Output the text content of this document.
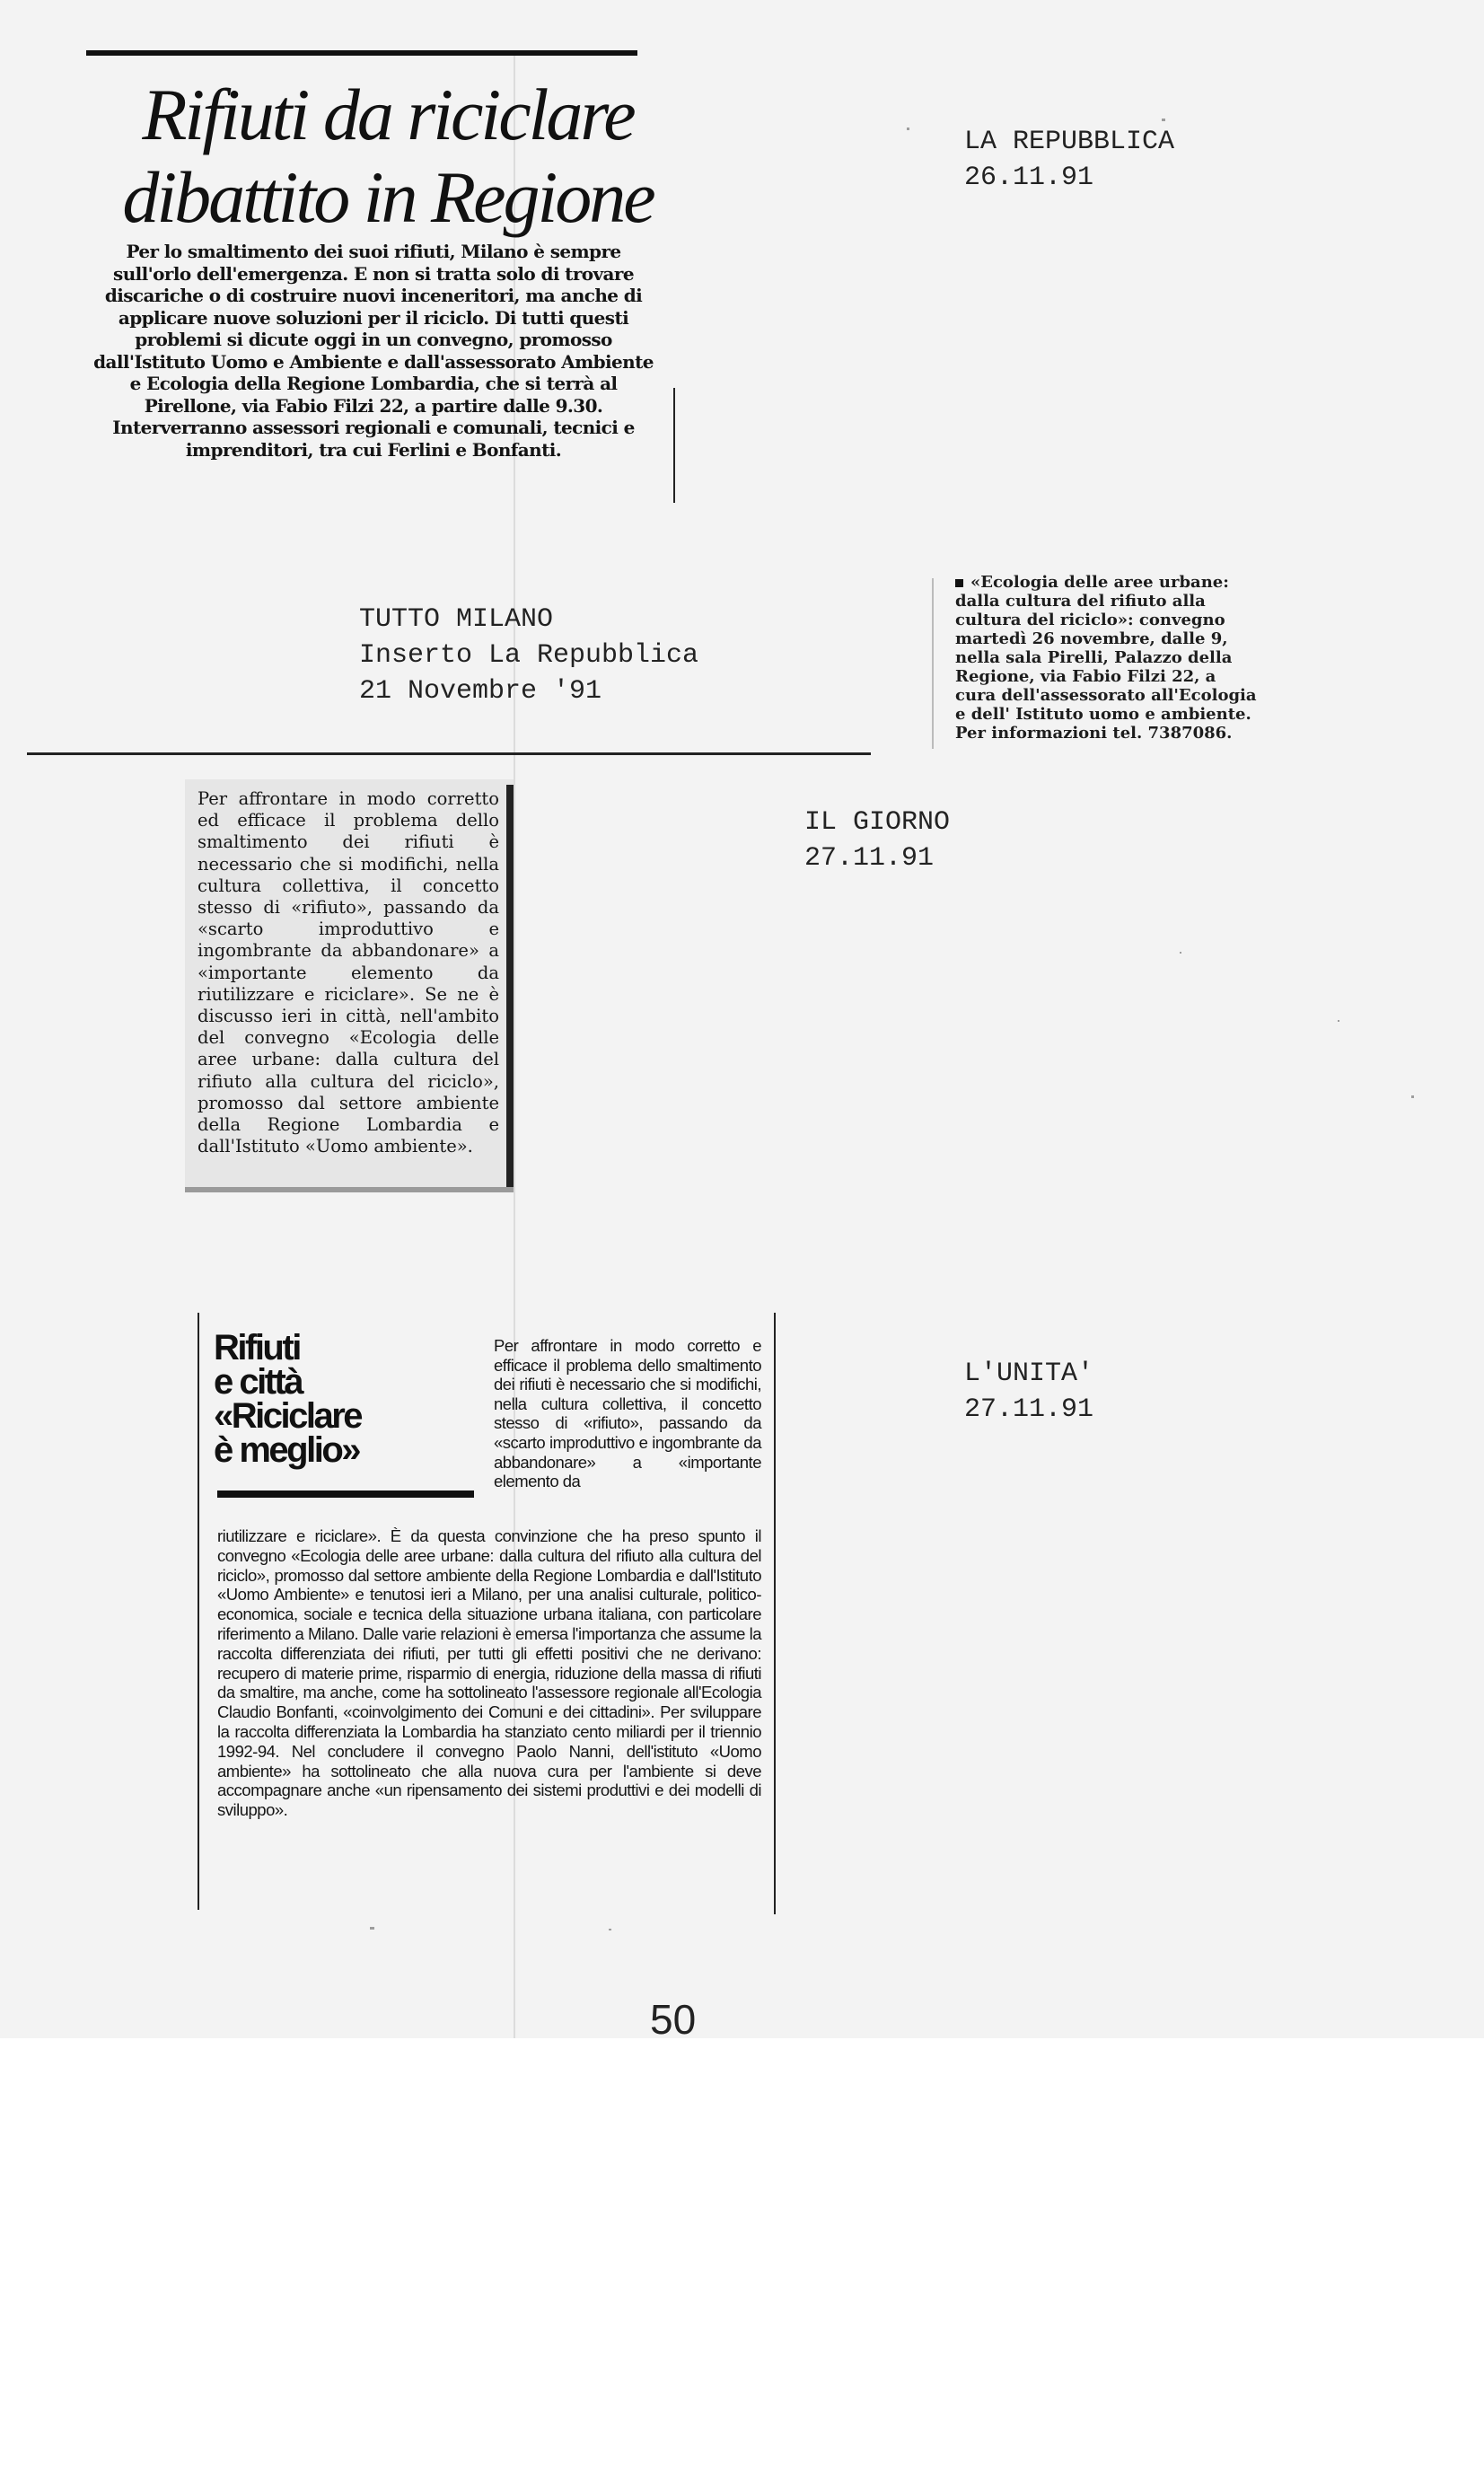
Rifiuti da riciclare
dibattito in Regione
Per lo smaltimento dei suoi rifiuti, Milano è sempre sull'orlo dell'emergenza. E non si tratta solo di trovare discariche o di costruire nuovi inceneritori, ma anche di applicare nuove soluzioni per il riciclo. Di tutti questi problemi si dicute oggi in un convegno, promosso dall'Istituto Uomo e Ambiente e dall'assessorato Ambiente e Ecologia della Regione Lombardia, che si terrà al Pirellone, via Fabio Filzi 22, a partire dalle 9.30. Interverranno assessori regionali e comunali, tecnici e imprenditori, tra cui Ferlini e Bonfanti.
LA REPUBBLICA
26.11.91
TUTTO MILANO
Inserto La Repubblica
21 Novembre '91
«Ecologia delle aree urbane: dalla cultura del rifiuto alla cultura del riciclo»: convegno martedì 26 novembre, dalle 9, nella sala Pirelli, Palazzo della Regione, via Fabio Filzi 22, a cura dell'assessorato all'Ecologia e dell' Istituto uomo e ambiente. Per informazioni tel. 7387086.
Per affrontare in modo corretto ed efficace il problema dello smaltimento dei rifiuti è necessario che si modifichi, nella cultura collettiva, il concetto stesso di «rifiuto», passando da «scarto improduttivo e ingombrante da abbandonare» a «importante elemento da riutilizzare e riciclare». Se ne è discusso ieri in città, nell'ambito del convegno «Ecologia delle aree urbane: dalla cultura del rifiuto alla cultura del riciclo», promosso dal settore ambiente della Regione Lombardia e dall'Istituto «Uomo ambiente».
IL GIORNO
27.11.91
Rifiuti
e città
«Riciclare
è meglio»
Per affrontare in modo corretto e efficace il problema dello smaltimento dei rifiuti è necessario che si modifichi, nella cultura collettiva, il concetto stesso di «rifiuto», passando da «scarto improduttivo e ingombrante da abbandonare» a «importante elemento da
riutilizzare e riciclare». È da questa convinzione che ha preso spunto il convegno «Ecologia delle aree urbane: dalla cultura del rifiuto alla cultura del riciclo», promosso dal settore ambiente della Regione Lombardia e dall'Istituto «Uomo Ambiente» e tenutosi ieri a Milano, per una analisi culturale, politico-economica, sociale e tecnica della situazione urbana italiana, con particolare riferimento a Milano. Dalle varie relazioni è emersa l'importanza che assume la raccolta differenziata dei rifiuti, per tutti gli effetti positivi che ne derivano: recupero di materie prime, risparmio di energia, riduzione della massa di rifiuti da smaltire, ma anche, come ha sottolineato l'assessore regionale all'Ecologia Claudio Bonfanti, «coinvolgimento dei Comuni e dei cittadini». Per sviluppare la raccolta differenziata la Lombardia ha stanziato cento miliardi per il triennio 1992-94. Nel concludere il convegno Paolo Nanni, dell'istituto «Uomo ambiente» ha sottolineato che alla nuova cura per l'ambiente si deve accompagnare anche «un ripensamento dei sistemi produttivi e dei modelli di sviluppo».
L'UNITA'
27.11.91
50
